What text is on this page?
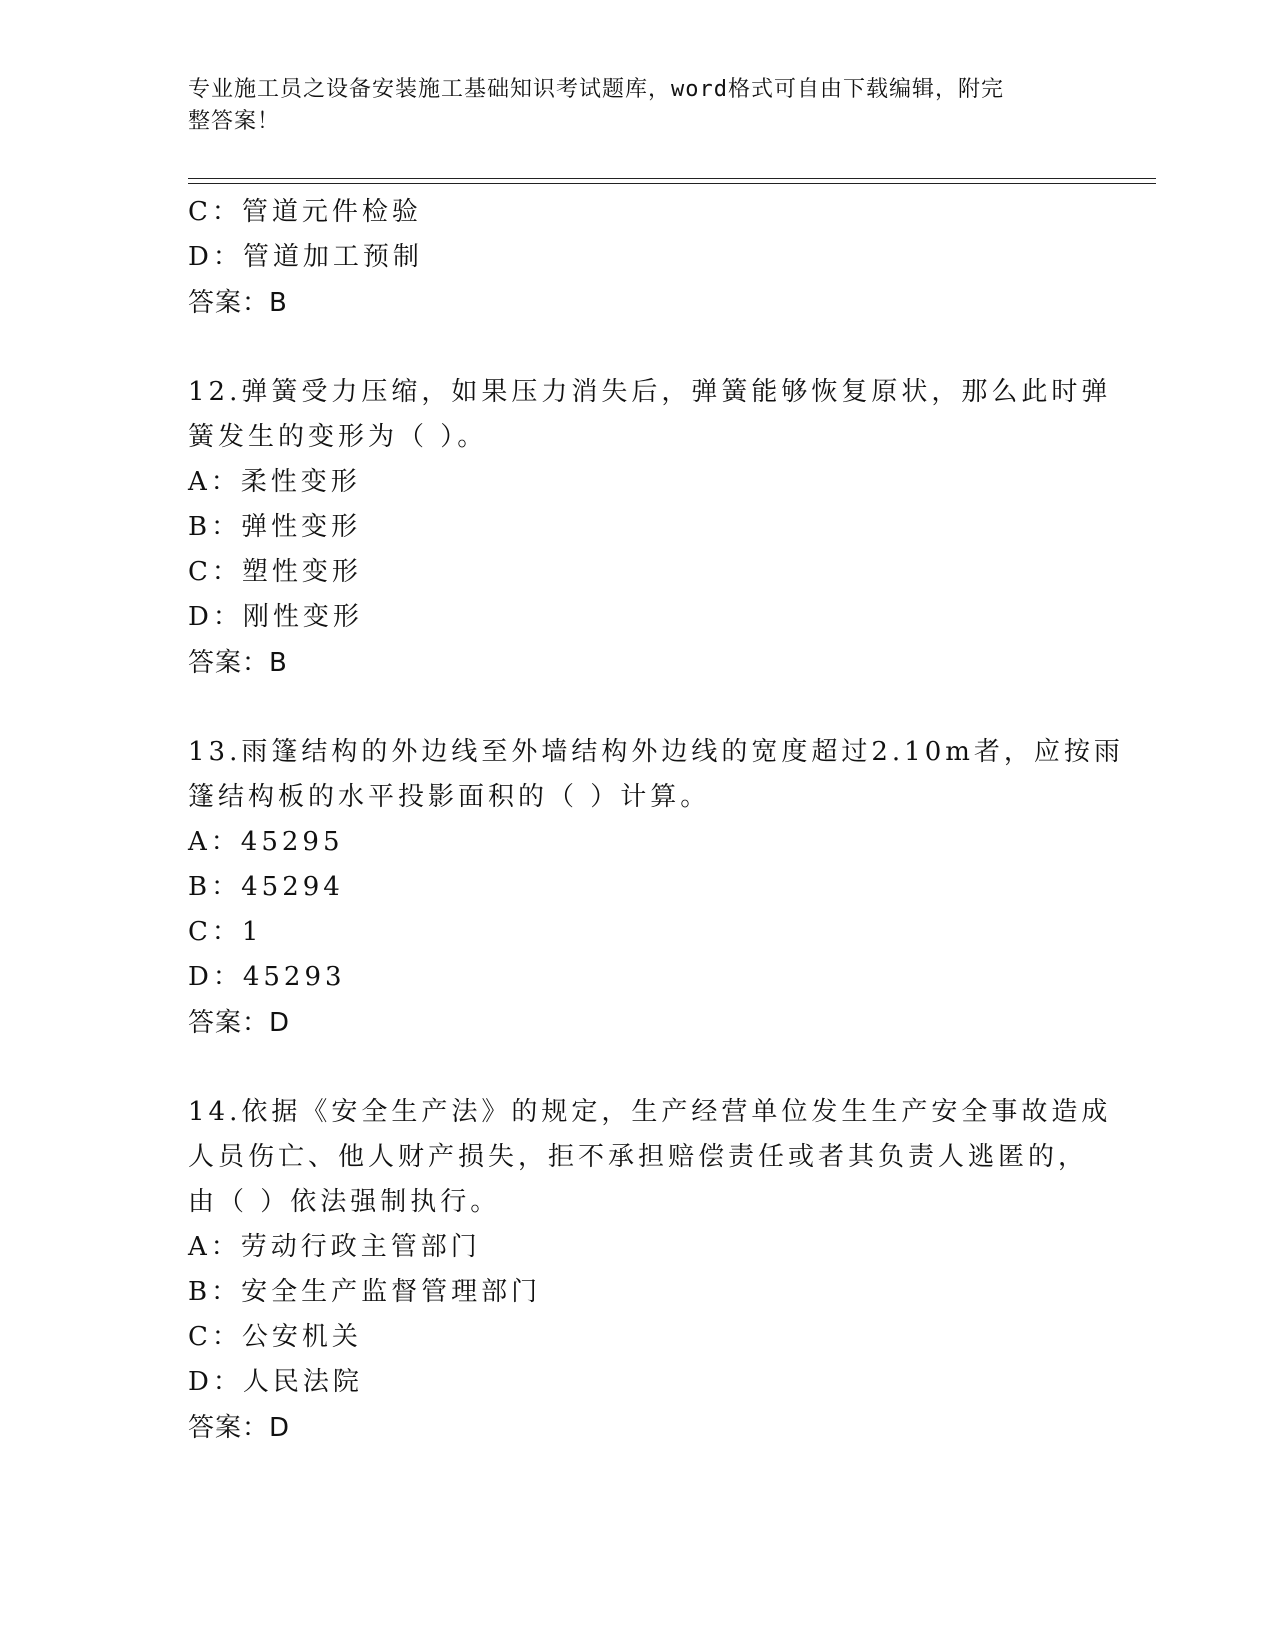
专业施工员之设备安装施工基础知识考试题库，word格式可自由下载编辑，附完
整答案！
C：管道元件检验
D：管道加工预制
答案：B
12.弹簧受力压缩，如果压力消失后，弹簧能够恢复原状，那么此时弹
簧发生的变形为（ ）。
A：柔性变形
B：弹性变形
C：塑性变形
D：刚性变形
答案：B
13.雨篷结构的外边线至外墙结构外边线的宽度超过2.10m者，应按雨
篷结构板的水平投影面积的（ ）计算。
A：45295
B：45294
C：1
D：45293
答案：D
14.依据《安全生产法》的规定，生产经营单位发生生产安全事故造成
人员伤亡、他人财产损失，拒不承担赔偿责任或者其负责人逃匿的，
由（ ）依法强制执行。
A：劳动行政主管部门
B：安全生产监督管理部门
C：公安机关
D：人民法院
答案：D
